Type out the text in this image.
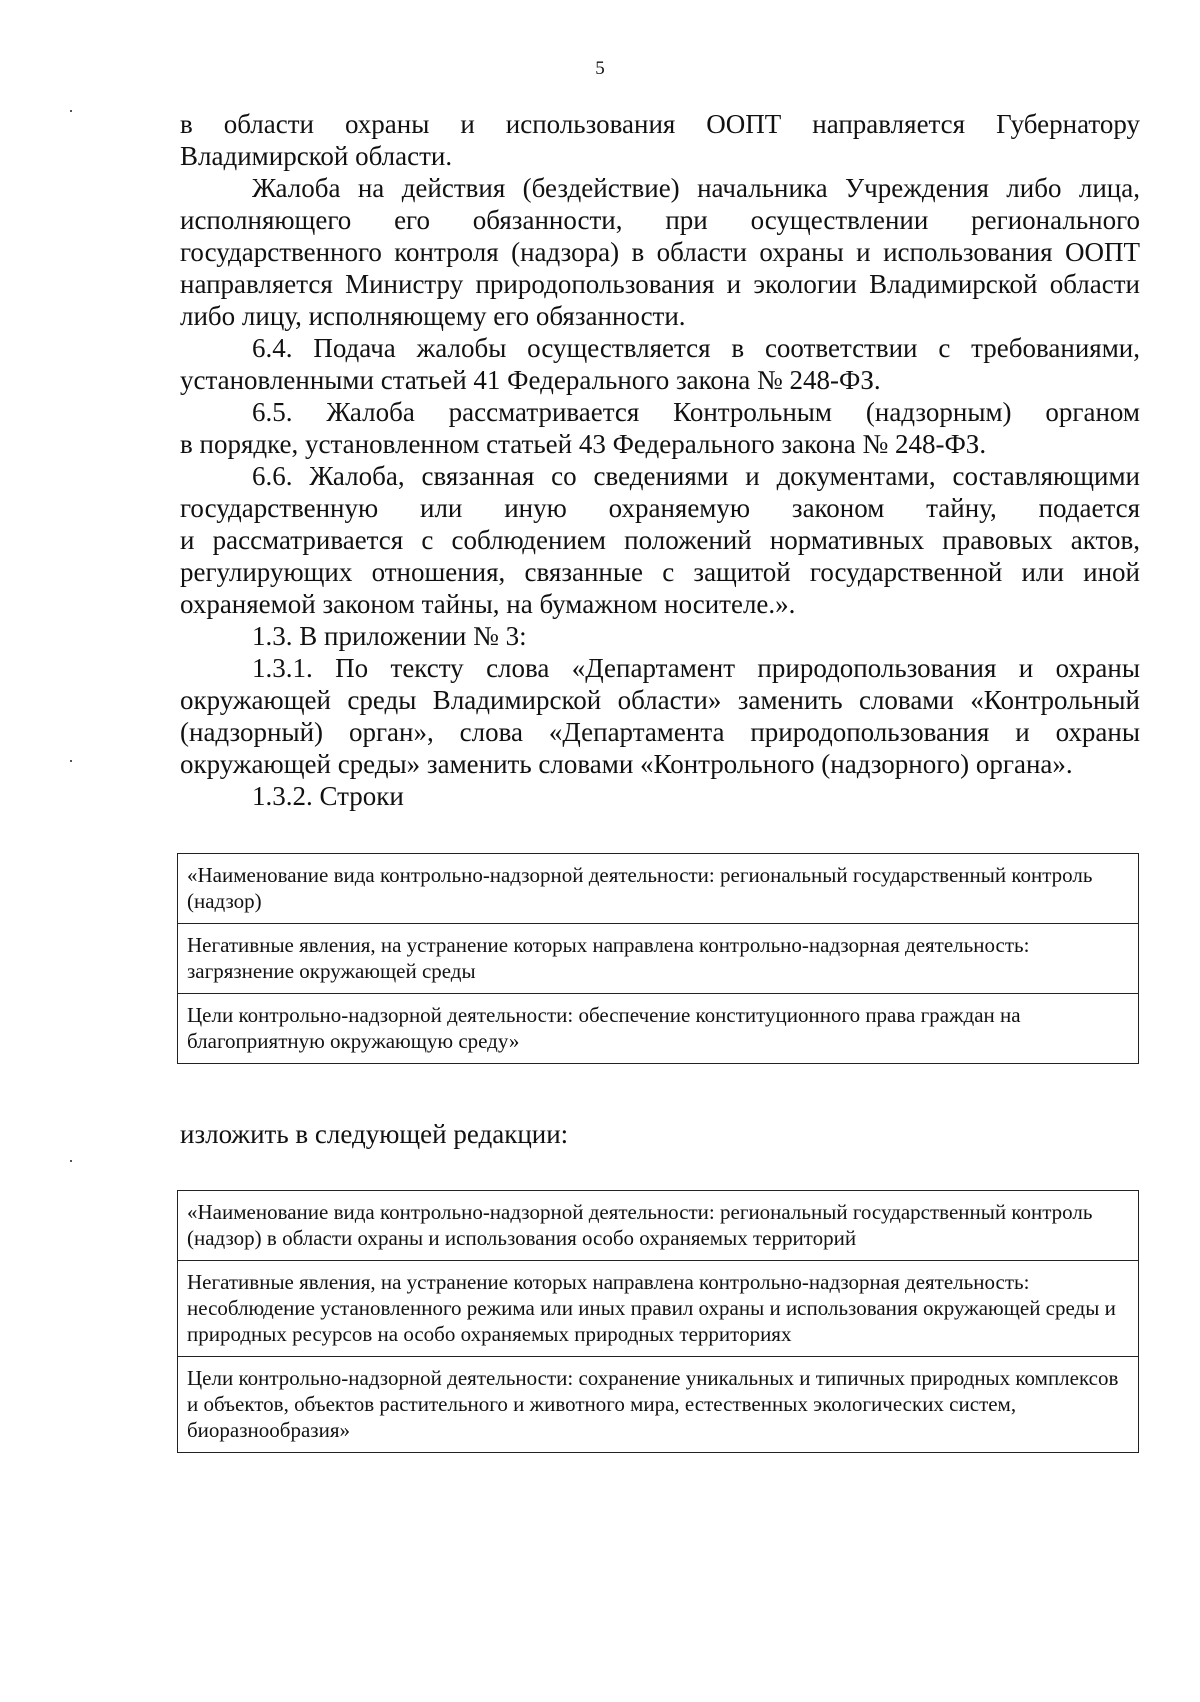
5

в области охраны и использования ООПТ направляется Губернатору Владимирской области.

Жалоба на действия (бездействие) начальника Учреждения либо лица, исполняющего его обязанности, при осуществлении регионального государственного контроля (надзора) в области охраны и использования ООПТ направляется Министру природопользования и экологии Владимирской области либо лицу, исполняющему его обязанности.

6.4. Подача жалобы осуществляется в соответствии с требованиями, установленными статьей 41 Федерального закона № 248-ФЗ.

6.5. Жалоба рассматривается Контрольным (надзорным) органом

в порядке, установленном статьей 43 Федерального закона № 248-ФЗ.

6.6. Жалоба, связанная со сведениями и документами, составляющими государственную или иную охраняемую законом тайну, подается

и рассматривается с соблюдением положений нормативных правовых актов, регулирующих отношения, связанные с защитой государственной или иной охраняемой законом тайны, на бумажном носителе.».

1.3. В приложении № 3:

1.3.1. По тексту слова «Департамент природопользования и охраны окружающей среды Владимирской области» заменить словами «Контрольный (надзорный) орган», слова «Департамента природопользования и охраны окружающей среды» заменить словами «Контрольного (надзорного) органа».

1.3.2. Строки

«Наименование вида контрольно-надзорной деятельности: региональный государственный контроль (надзор)
Негативные явления, на устранение которых направлена контрольно-надзорная деятельность: загрязнение окружающей среды
Цели контрольно-надзорной деятельности: обеспечение конституционного права граждан на благоприятную окружающую среду»
изложить в следующей редакции:
«Наименование вида контрольно-надзорной деятельности: региональный государственный контроль (надзор) в области охраны и использования особо охраняемых территорий
Негативные явления, на устранение которых направлена контрольно-надзорная деятельность: несоблюдение установленного режима или иных правил охраны и использования окружающей среды и природных ресурсов на особо охраняемых природных территориях
Цели контрольно-надзорной деятельности: сохранение уникальных и типичных природных комплексов и объектов, объектов растительного и животного мира, естественных экологических систем, биоразнообразия»
